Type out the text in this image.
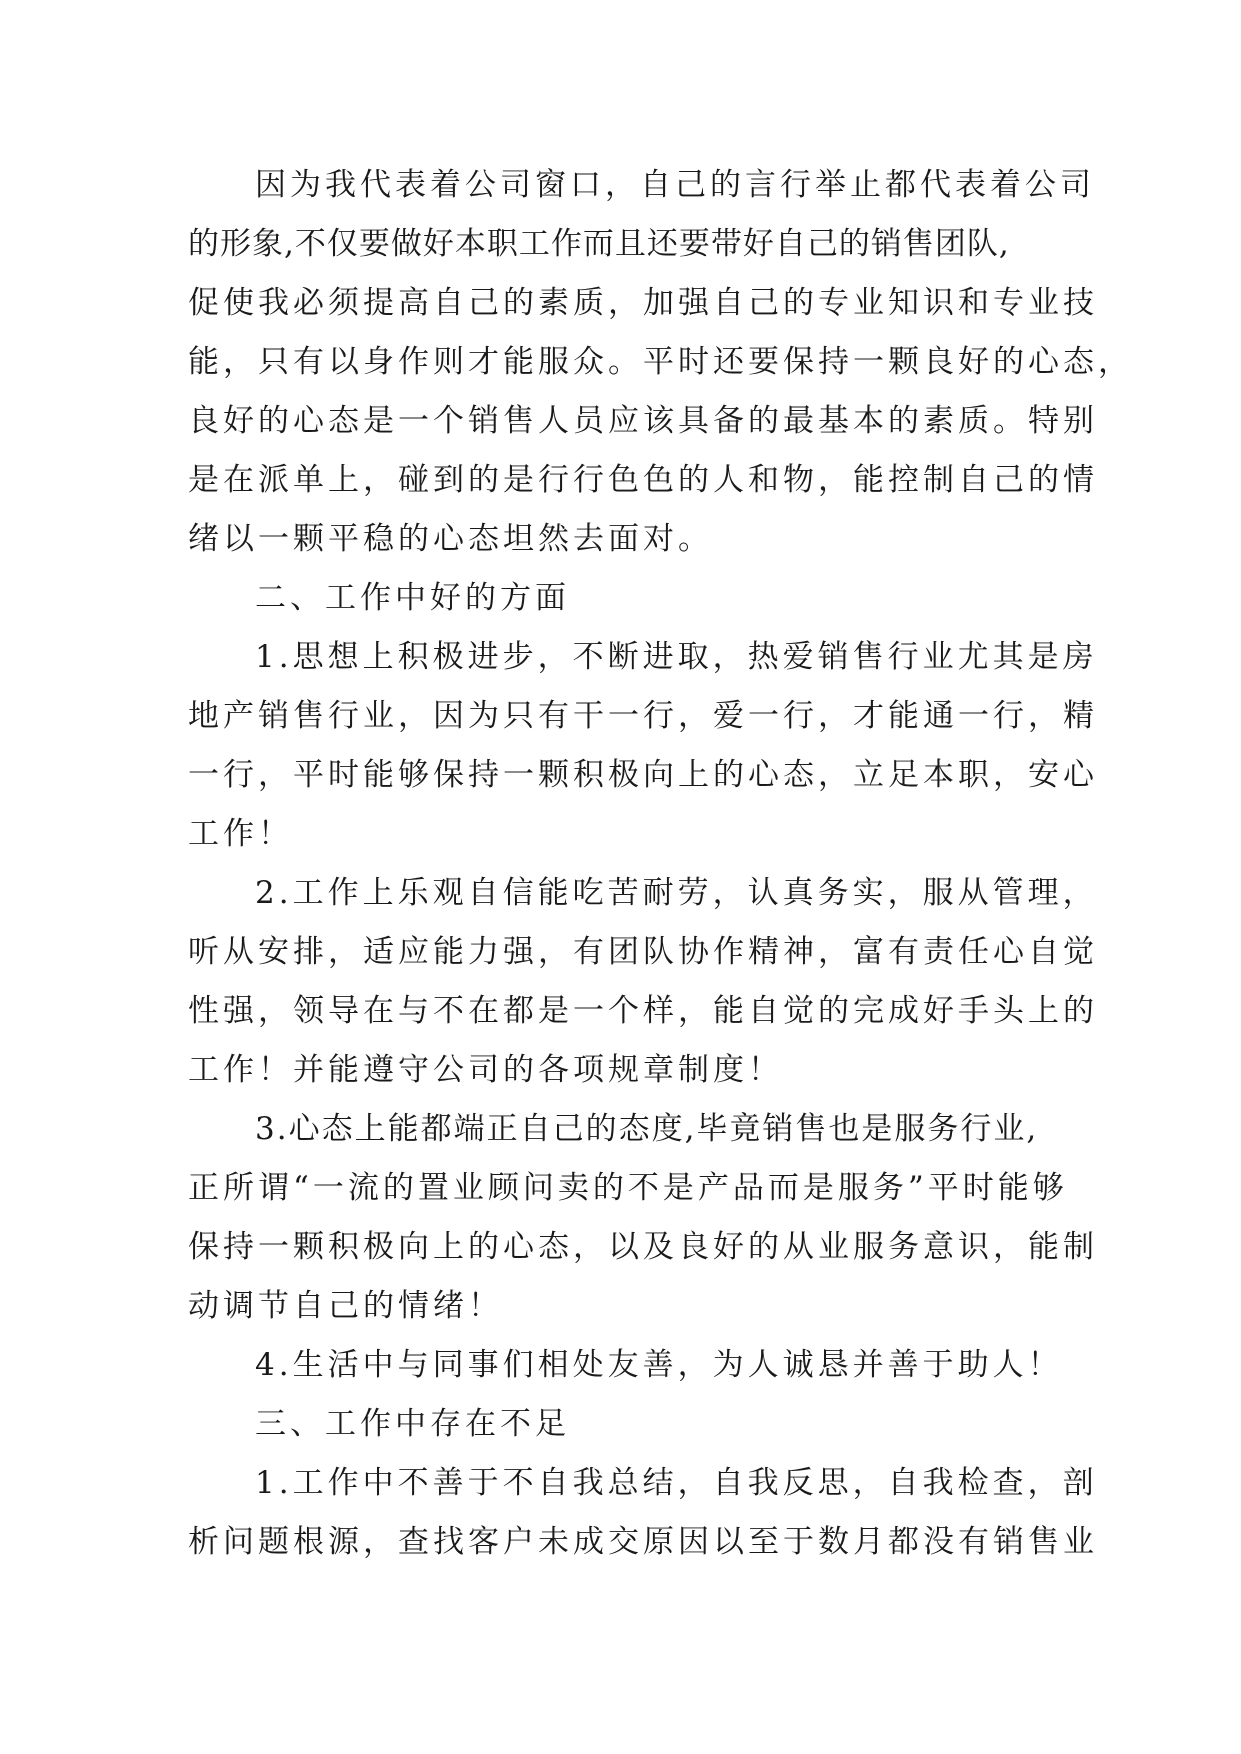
因为我代表着公司窗口，自己的言行举止都代表着公司
的形象,不仅要做好本职工作而且还要带好自己的销售团队,
促使我必须提高自己的素质，加强自己的专业知识和专业技
能，只有以身作则才能服众。平时还要保持一颗良好的心态，
良好的心态是一个销售人员应该具备的最基本的素质。特别
是在派单上，碰到的是行行色色的人和物，能控制自己的情
绪以一颗平稳的心态坦然去面对。
二、工作中好的方面
1.思想上积极进步，不断进取，热爱销售行业尤其是房
地产销售行业，因为只有干一行，爱一行，才能通一行，精
一行，平时能够保持一颗积极向上的心态，立足本职，安心
工作！
2.工作上乐观自信能吃苦耐劳，认真务实，服从管理，
听从安排，适应能力强，有团队协作精神，富有责任心自觉
性强，领导在与不在都是一个样，能自觉的完成好手头上的
工作！并能遵守公司的各项规章制度！
3.心态上能都端正自己的态度,毕竟销售也是服务行业,
正所谓“一流的置业顾问卖的不是产品而是服务”平时能够
保持一颗积极向上的心态，以及良好的从业服务意识，能制
动调节自己的情绪！
4.生活中与同事们相处友善，为人诚恳并善于助人！
三、工作中存在不足
1.工作中不善于不自我总结，自我反思，自我检查，剖
析问题根源，查找客户未成交原因以至于数月都没有销售业
